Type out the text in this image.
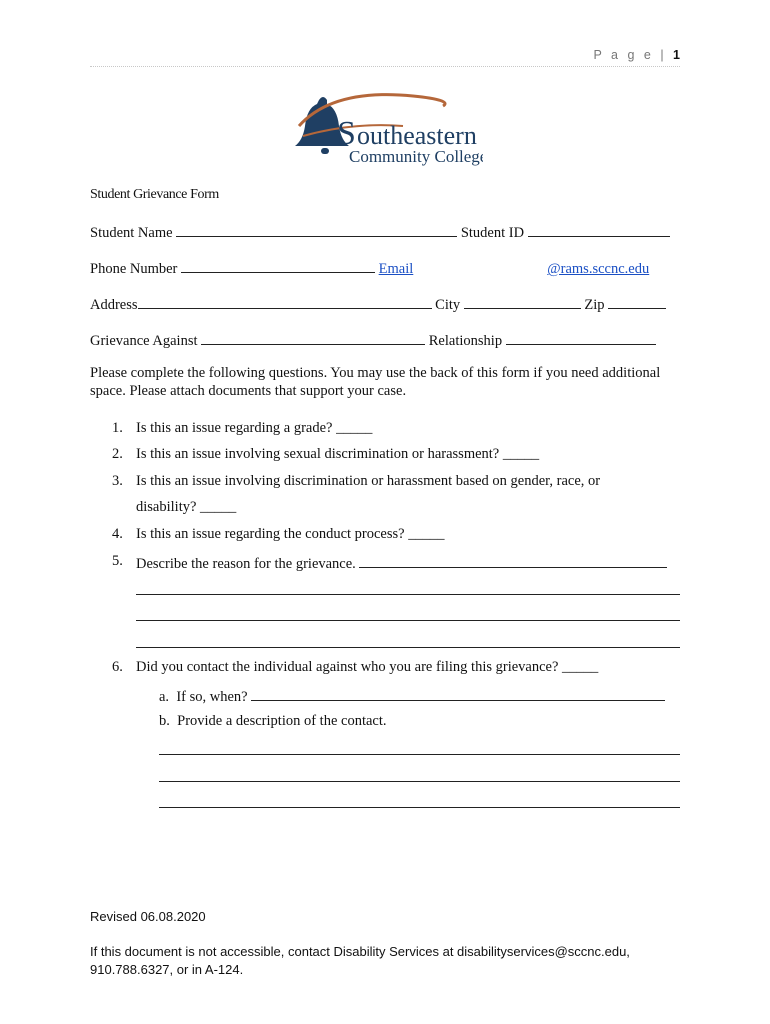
P a g e | 1
S outheastern
Community College
Student Grievance Form
Student Name	Student ID
Phone Number	Email	@rams.sccnc.edu
Address	City	Zip
Grievance Against	Relationship
Please complete the following questions. You may use the back of this form if you need additional space. Please attach documents that support your case.
1. Is this an issue regarding a grade? _____
2. Is this an issue involving sexual discrimination or harassment? _____
3. Is this an issue involving discrimination or harassment based on gender, race, or
disability? _____
4. Is this an issue regarding the conduct process? _____
5. Describe the reason for the grievance.
6. Did you contact the individual against who you are filing this grievance? _____
a. If so, when?
b. Provide a description of the contact.
Revised 06.08.2020
If this document is not accessible, contact Disability Services at disabilityservices@sccnc.edu,
910.788.6327, or in A-124.
